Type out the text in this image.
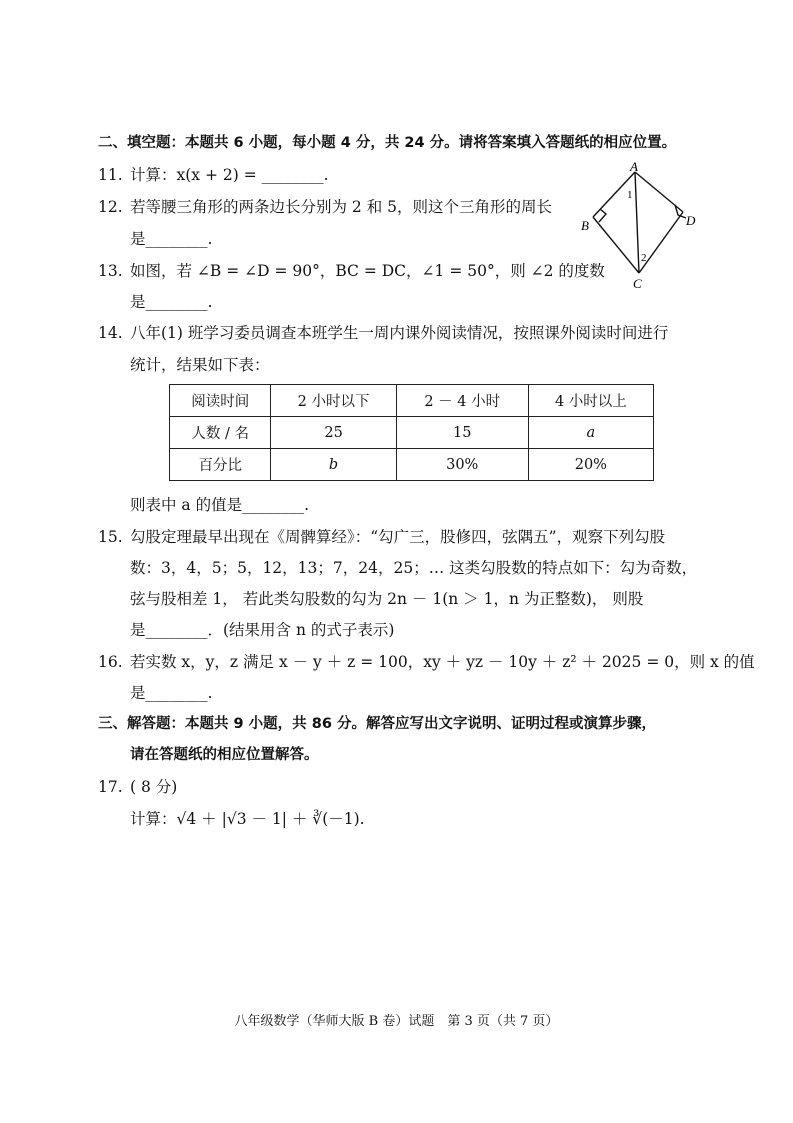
二、填空题：本题共 6 小题，每小题 4 分，共 24 分。请将答案填入答题纸的相应位置。
11. 计算：x(x + 2) = ________.
12. 若等腰三角形的两条边长分别为 2 和 5，则这个三角形的周长
是________.
13. 如图，若 ∠B = ∠D = 90°，BC = DC，∠1 = 50°，则 ∠2 的度数
是________.
A
B
C
D
1
2
14. 八年(1) 班学习委员调查本班学生一周内课外阅读情况，按照课外阅读时间进行
统计，结果如下表：
阅读时间	2 小时以下	2 － 4 小时	4 小时以上
人数 / 名	25	15	a
百分比	b	30%	20%
则表中 a 的值是________.
15. 勾股定理最早出现在《周髀算经》：“勾广三，股修四，弦隅五”，观察下列勾股
数：3，4，5；5，12，13；7，24，25；… 这类勾股数的特点如下：勾为奇数，
弦与股相差 1， 若此类勾股数的勾为 2n － 1(n ＞ 1，n 为正整数)， 则股
是________．(结果用含 n 的式子表示)
16. 若实数 x，y，z 满足 x － y ＋ z = 100，xy ＋ yz － 10y ＋ z² ＋ 2025 = 0，则 x 的值
是________.
三、解答题：本题共 9 小题，共 86 分。解答应写出文字说明、证明过程或演算步骤，
请在答题纸的相应位置解答。
17. ( 8 分)
计算：√4 ＋ |√3 － 1| ＋ ∛(－1).
八年级数学（华师大版 B 卷）试题　第 3 页（共 7 页）
